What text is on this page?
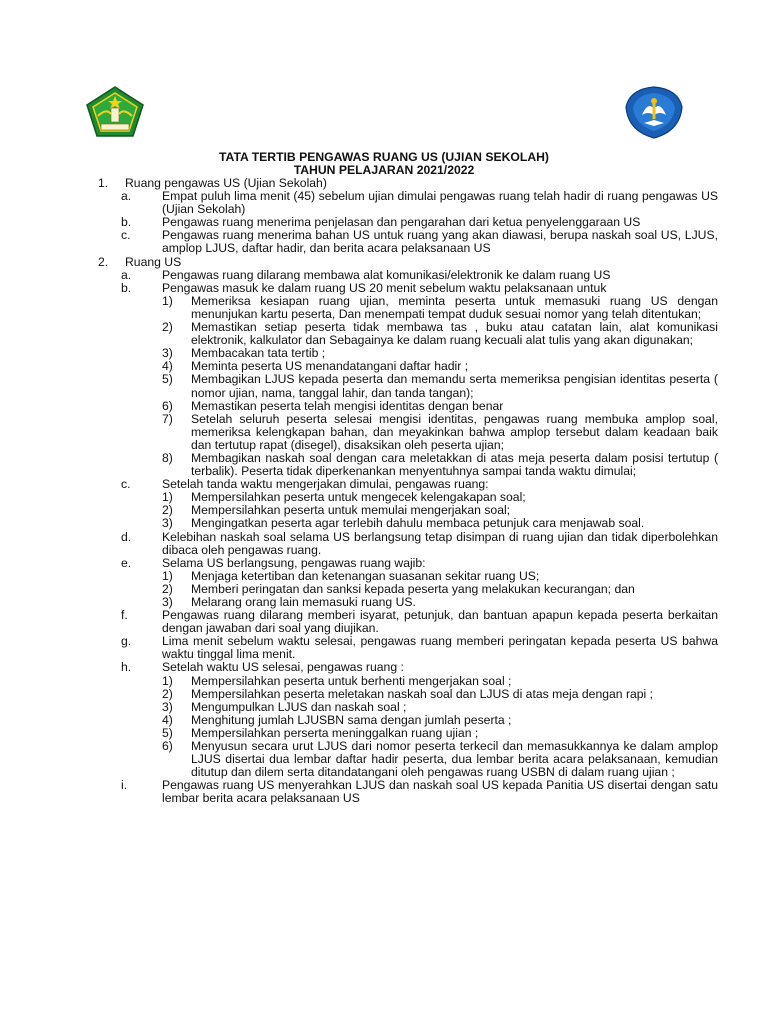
TATA TERTIB PENGAWAS RUANG US (UJIAN SEKOLAH)
TAHUN PELAJARAN 2021/2022
1.	Ruang pengawas US (Ujian Sekolah)
a.	Empat puluh lima menit (45) sebelum ujian dimulai pengawas ruang telah hadir di ruang pengawas US (Ujian Sekolah)
b.	Pengawas ruang menerima penjelasan dan pengarahan dari ketua penyelenggaraan US
c.	Pengawas ruang menerima bahan US untuk ruang yang akan diawasi, berupa naskah soal US, LJUS, amplop LJUS, daftar hadir, dan berita acara pelaksanaan US
2.	Ruang US
a.	Pengawas ruang dilarang membawa alat komunikasi/elektronik ke dalam ruang US
b.	Pengawas masuk ke dalam ruang US 20 menit sebelum waktu pelaksanaan untuk
1)	Memeriksa kesiapan ruang ujian, meminta peserta untuk memasuki ruang US dengan menunjukan kartu peserta, Dan menempati tempat duduk sesuai nomor yang telah ditentukan;
2)	Memastikan setiap peserta tidak membawa tas , buku atau catatan lain, alat komunikasi elektronik, kalkulator dan Sebagainya ke dalam ruang kecuali alat tulis yang akan digunakan;
3)	Membacakan tata tertib ;
4)	Meminta peserta US menandatangani daftar hadir ;
5)	Membagikan LJUS kepada peserta dan memandu serta memeriksa pengisian identitas peserta ( nomor ujian, nama, tanggal lahir, dan tanda tangan);
6)	Memastikan peserta telah mengisi identitas dengan benar
7)	Setelah seluruh peserta selesai mengisi identitas, pengawas ruang membuka amplop soal, memeriksa kelengkapan bahan, dan meyakinkan bahwa amplop tersebut dalam keadaan baik dan tertutup rapat (disegel), disaksikan oleh peserta ujian;
8)	Membagikan naskah soal dengan cara meletakkan di atas meja peserta dalam posisi tertutup ( terbalik). Peserta tidak diperkenankan menyentuhnya sampai tanda waktu dimulai;
c.	Setelah tanda waktu mengerjakan dimulai, pengawas ruang:
1)	Mempersilahkan peserta untuk mengecek kelengakapan soal;
2)	Mempersilahkan peserta untuk memulai mengerjakan soal;
3)	Mengingatkan peserta agar terlebih dahulu membaca petunjuk cara menjawab soal.
d.	Kelebihan naskah soal selama US berlangsung tetap disimpan di ruang ujian dan tidak diperbolehkan dibaca oleh pengawas ruang.
e.	Selama US berlangsung, pengawas ruang wajib:
1)	Menjaga ketertiban dan ketenangan suasanan sekitar ruang US;
2)	Memberi peringatan dan sanksi kepada peserta yang melakukan kecurangan; dan
3)	Melarang orang lain memasuki ruang US.
f.	Pengawas ruang dilarang memberi isyarat, petunjuk, dan bantuan apapun kepada peserta berkaitan dengan jawaban dari soal yang diujikan.
g.	Lima menit sebelum waktu selesai, pengawas ruang memberi peringatan kepada peserta US bahwa waktu tinggal lima menit.
h.	Setelah waktu US selesai, pengawas ruang :
1)	Mempersilahkan peserta untuk berhenti mengerjakan soal ;
2)	Mempersilahkan peserta meletakan naskah soal dan LJUS di atas meja dengan rapi ;
3)	Mengumpulkan LJUS dan naskah soal ;
4)	Menghitung jumlah LJUSBN sama dengan jumlah peserta ;
5)	Mempersilahkan perserta meninggalkan ruang ujian ;
6)	Menyusun secara urut LJUS dari nomor peserta terkecil dan memasukkannya ke dalam amplop LJUS disertai dua lembar daftar hadir peserta, dua lembar berita acara pelaksanaan, kemudian ditutup dan dilem serta ditandatangani oleh pengawas ruang USBN di dalam ruang ujian ;
i.	Pengawas ruang US menyerahkan LJUS dan naskah soal US kepada Panitia US disertai dengan satu lembar berita acara pelaksanaan US
